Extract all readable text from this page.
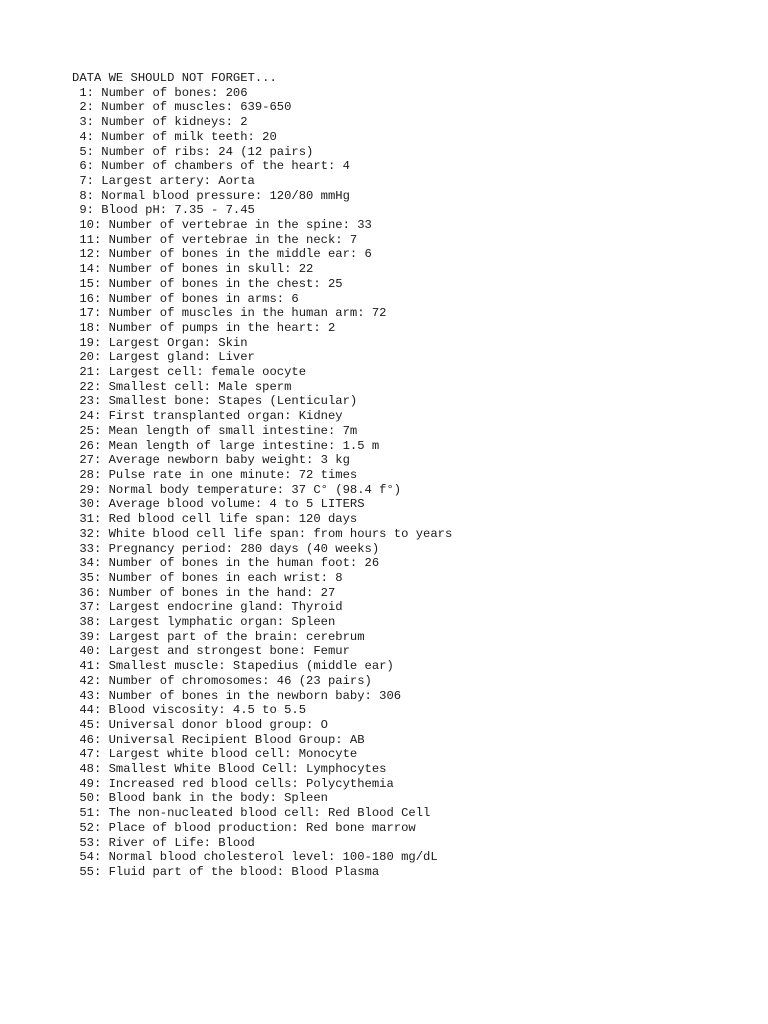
DATA WE SHOULD NOT FORGET...
1: Number of bones: 206
2: Number of muscles: 639-650
3: Number of kidneys: 2
4: Number of milk teeth: 20
5: Number of ribs: 24 (12 pairs)
6: Number of chambers of the heart: 4
7: Largest artery: Aorta
8: Normal blood pressure: 120/80 mmHg
9: Blood pH: 7.35 - 7.45
10: Number of vertebrae in the spine: 33
11: Number of vertebrae in the neck: 7
12: Number of bones in the middle ear: 6
14: Number of bones in skull: 22
15: Number of bones in the chest: 25
16: Number of bones in arms: 6
17: Number of muscles in the human arm: 72
18: Number of pumps in the heart: 2
19: Largest Organ: Skin
20: Largest gland: Liver
21: Largest cell: female oocyte
22: Smallest cell: Male sperm
23: Smallest bone: Stapes (Lenticular)
24: First transplanted organ: Kidney
25: Mean length of small intestine: 7m
26: Mean length of large intestine: 1.5 m
27: Average newborn baby weight: 3 kg
28: Pulse rate in one minute: 72 times
29: Normal body temperature: 37 C° (98.4 f°)
30: Average blood volume: 4 to 5 LITERS
31: Red blood cell life span: 120 days
32: White blood cell life span: from hours to years
33: Pregnancy period: 280 days (40 weeks)
34: Number of bones in the human foot: 26
35: Number of bones in each wrist: 8
36: Number of bones in the hand: 27
37: Largest endocrine gland: Thyroid
38: Largest lymphatic organ: Spleen
39: Largest part of the brain: cerebrum
40: Largest and strongest bone: Femur
41: Smallest muscle: Stapedius (middle ear)
42: Number of chromosomes: 46 (23 pairs)
43: Number of bones in the newborn baby: 306
44: Blood viscosity: 4.5 to 5.5
45: Universal donor blood group: O
46: Universal Recipient Blood Group: AB
47: Largest white blood cell: Monocyte
48: Smallest White Blood Cell: Lymphocytes
49: Increased red blood cells: Polycythemia
50: Blood bank in the body: Spleen
51: The non-nucleated blood cell: Red Blood Cell
52: Place of blood production: Red bone marrow
53: River of Life: Blood
54: Normal blood cholesterol level: 100-180 mg/dL
55: Fluid part of the blood: Blood Plasma
